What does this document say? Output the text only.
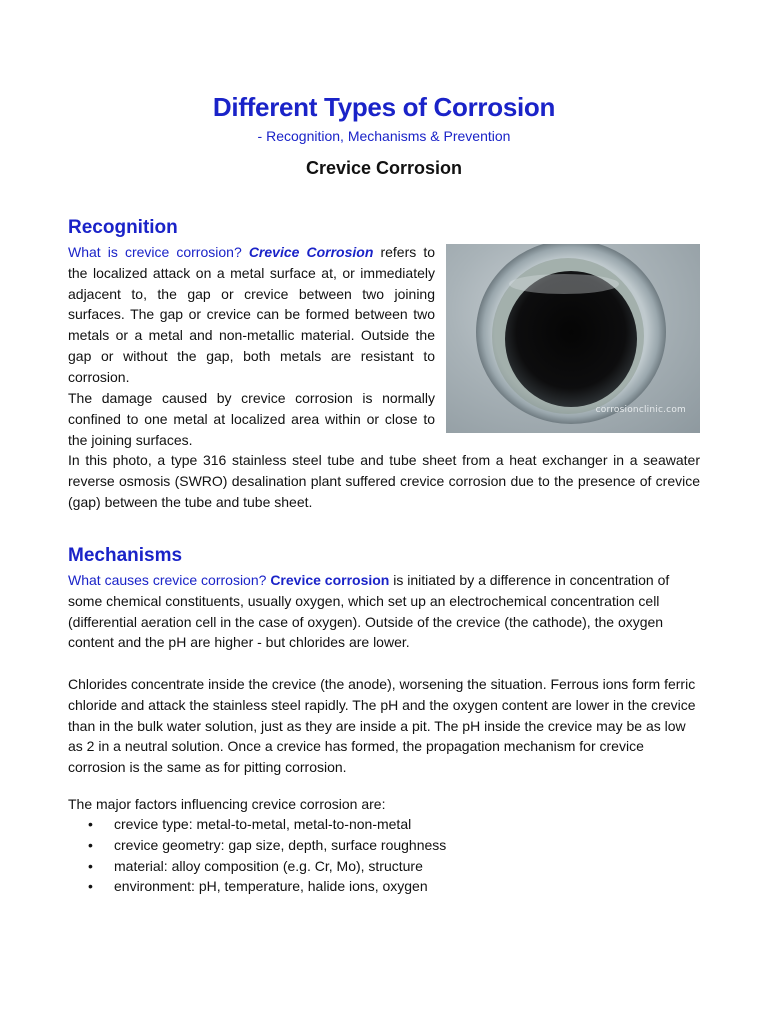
Different Types of Corrosion
- Recognition, Mechanisms & Prevention
Crevice Corrosion
Recognition

What is crevice corrosion? Crevice Corrosion refers to the localized attack on a metal surface at, or immediately adjacent to, the gap or crevice between two joining surfaces. The gap or crevice can be formed between two metals or a metal and non-metallic material. Outside the gap or without the gap, both metals are resistant to corrosion.

The damage caused by crevice corrosion is normally confined to one metal at localized area within or close to the joining surfaces.

In this photo, a type 316 stainless steel tube and tube sheet from a heat exchanger in a seawater reverse osmosis (SWRO) desalination plant suffered crevice corrosion due to the presence of crevice (gap) between the tube and tube sheet.

corrosionclinic.com
Mechanisms

What causes crevice corrosion? Crevice corrosion is initiated by a difference in concentration of some chemical constituents, usually oxygen, which set up an electrochemical concentration cell (differential aeration cell in the case of oxygen). Outside of the crevice (the cathode), the oxygen content and the pH are higher - but chlorides are lower.

Chlorides concentrate inside the crevice (the anode), worsening the situation. Ferrous ions form ferric chloride and attack the stainless steel rapidly. The pH and the oxygen content are lower in the crevice than in the bulk water solution, just as they are inside a pit. The pH inside the crevice may be as low as 2 in a neutral solution. Once a crevice has formed, the propagation mechanism for crevice corrosion is the same as for pitting corrosion.

The major factors influencing crevice corrosion are:

• crevice type: metal-to-metal, metal-to-non-metal
• crevice geometry: gap size, depth, surface roughness
• material: alloy composition (e.g. Cr, Mo), structure
• environment: pH, temperature, halide ions, oxygen
